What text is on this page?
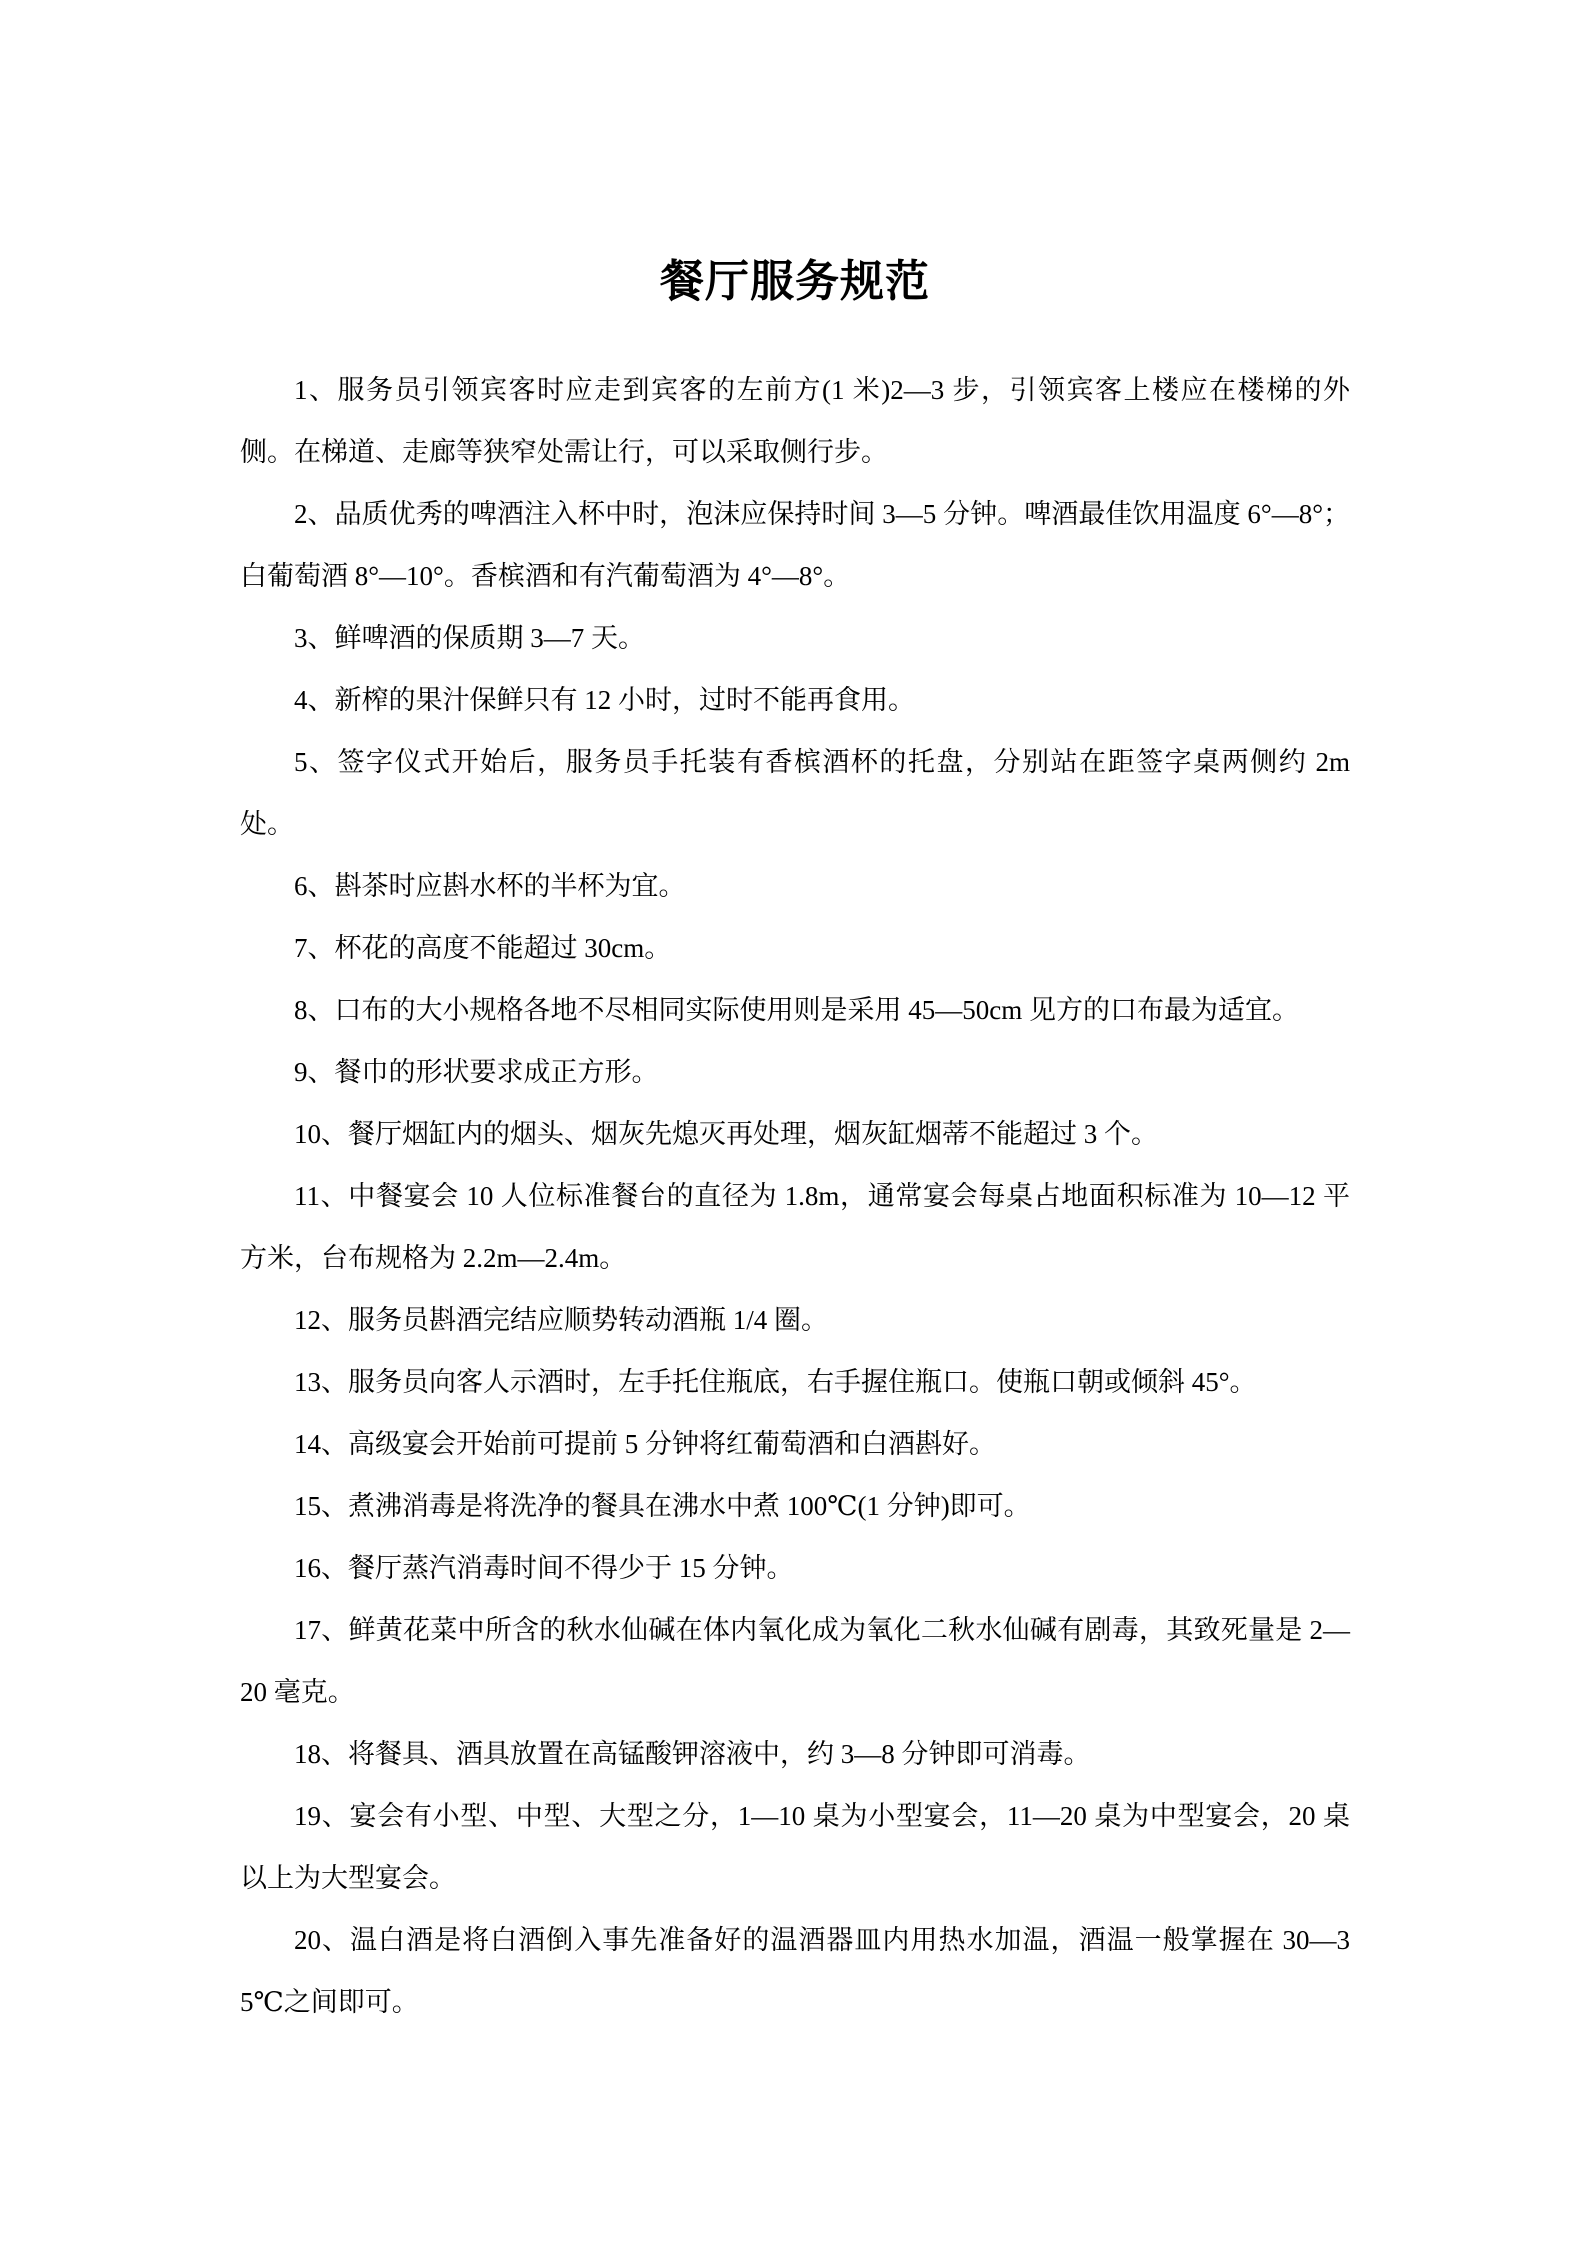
餐厅服务规范

1、服务员引领宾客时应走到宾客的左前方(1 米)2—3 步，引领宾客上楼应在楼梯的外侧。在梯道、走廊等狭窄处需让行，可以采取侧行步。

2、品质优秀的啤酒注入杯中时，泡沫应保持时间 3—5 分钟。啤酒最佳饮用温度 6°—8°；白葡萄酒 8°—10°。香槟酒和有汽葡萄酒为 4°—8°。

3、鲜啤酒的保质期 3—7 天。

4、新榨的果汁保鲜只有 12 小时，过时不能再食用。

5、签字仪式开始后，服务员手托装有香槟酒杯的托盘，分别站在距签字桌两侧约 2m 处。

6、斟茶时应斟水杯的半杯为宜。

7、杯花的高度不能超过 30cm。

8、口布的大小规格各地不尽相同实际使用则是采用 45—50cm 见方的口布最为适宜。

9、餐巾的形状要求成正方形。

10、餐厅烟缸内的烟头、烟灰先熄灭再处理，烟灰缸烟蒂不能超过 3 个。

11、中餐宴会 10 人位标准餐台的直径为 1.8m，通常宴会每桌占地面积标准为 10—12 平方米，台布规格为 2.2m—2.4m。

12、服务员斟酒完结应顺势转动酒瓶 1/4 圈。

13、服务员向客人示酒时，左手托住瓶底，右手握住瓶口。使瓶口朝或倾斜 45°。

14、高级宴会开始前可提前 5 分钟将红葡萄酒和白酒斟好。

15、煮沸消毒是将洗净的餐具在沸水中煮 100℃(1 分钟)即可。

16、餐厅蒸汽消毒时间不得少于 15 分钟。

17、鲜黄花菜中所含的秋水仙碱在体内氧化成为氧化二秋水仙碱有剧毒，其致死量是 2—20 毫克。

18、将餐具、酒具放置在高锰酸钾溶液中，约 3—8 分钟即可消毒。

19、宴会有小型、中型、大型之分，1—10 桌为小型宴会，11—20 桌为中型宴会，20 桌以上为大型宴会。

20、温白酒是将白酒倒入事先准备好的温酒器皿内用热水加温，酒温一般掌握在 30—35℃之间即可。
